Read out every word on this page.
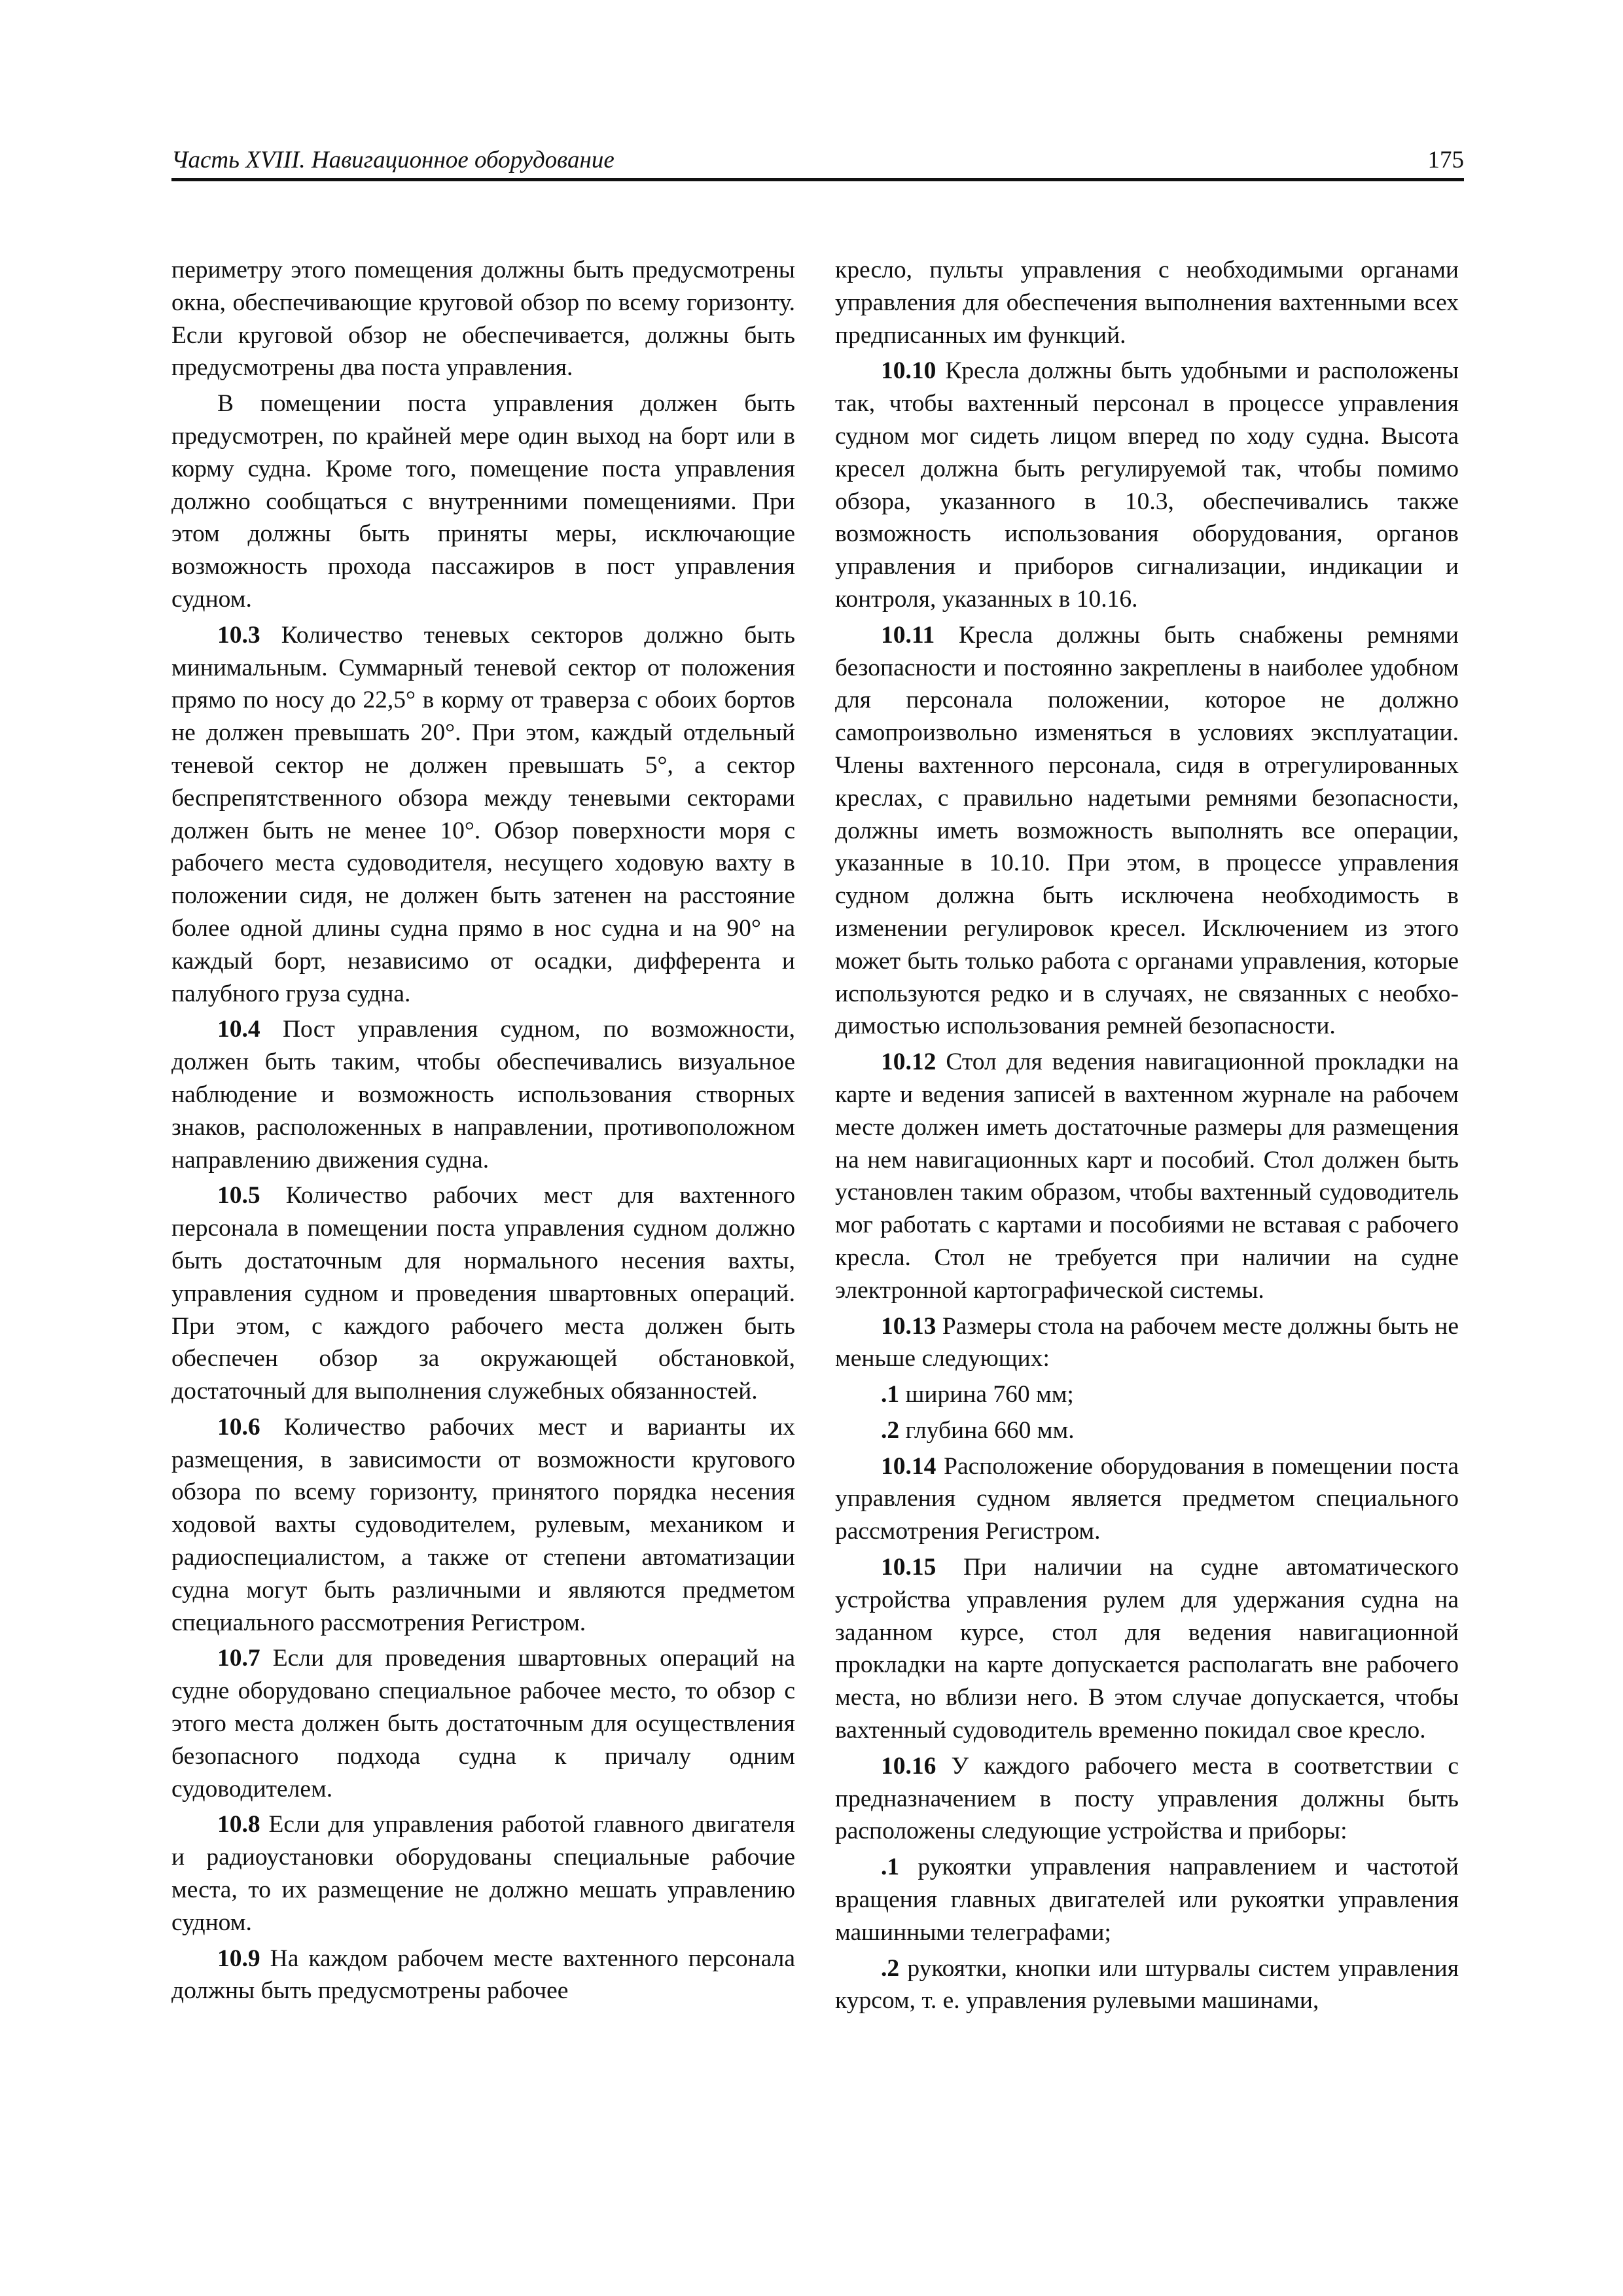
Часть XVIII. Навигационное оборудование	175

периметру этого помещения должны быть предусмотрены окна, обеспечивающие круговой обзор по всему горизонту. Если круговой обзор не обеспечивается, должны быть предусмотрены два поста управления.

В помещении поста управления должен быть предусмотрен, по крайней мере один выход на борт или в корму судна. Кроме того, помещение поста управления должно сообщаться с внутренними помещениями. При этом должны быть приняты меры, исключающие возможность прохода пассажиров в пост управления судном.

10.3 Количество теневых секторов должно быть минимальным. Суммарный теневой сектор от положения прямо по носу до 22,5° в корму от траверза с обоих бортов не должен превышать 20°. При этом, каждый отдельный теневой сектор не должен превышать 5°, а сектор беспрепятственного обзора между теневыми секторами должен быть не менее 10°. Обзор поверхности моря с рабочего места судоводителя, несущего ходовую вахту в положении сидя, не должен быть затенен на расстояние более одной длины судна прямо в нос судна и на 90° на каждый борт, независимо от осадки, дифферента и палубного груза судна.

10.4 Пост управления судном, по возможности, должен быть таким, чтобы обеспечивались визуальное наблюдение и возможность использования створных знаков, расположенных в направлении, противоположном направлению движения судна.

10.5 Количество рабочих мест для вахтенного персонала в помещении поста управления судном должно быть достаточным для нормального несения вахты, управления судном и проведения швартовных операций. При этом, с каждого рабочего места должен быть обеспечен обзор за окружающей обстановкой, достаточный для выполнения служебных обязанностей.

10.6 Количество рабочих мест и варианты их размещения, в зависимости от возможности кругового обзора по всему горизонту, принятого порядка несения ходовой вахты судоводителем, рулевым, механиком и радиоспециалистом, а также от степени автоматизации судна могут быть различными и являются предметом специального рассмотрения Регистром.

10.7 Если для проведения швартовных операций на судне оборудовано специальное рабочее место, то обзор с этого места должен быть достаточным для осуществления безопасного подхода судна к причалу одним судоводителем.

10.8 Если для управления работой главного двигателя и радиоустановки оборудованы специальные рабочие места, то их размещение не должно мешать управлению судном.

10.9 На каждом рабочем месте вахтенного персонала должны быть предусмотрены рабочее

кресло, пульты управления с необходимыми органами управления для обеспечения выполнения вахтенными всех предписанных им функций.

10.10 Кресла должны быть удобными и расположены так, чтобы вахтенный персонал в процессе управления судном мог сидеть лицом вперед по ходу судна. Высота кресел должна быть регулируемой так, чтобы помимо обзора, указанного в 10.3, обеспечивались также возможность использования оборудования, органов управления и приборов сигнализации, индикации и контроля, указанных в 10.16.

10.11 Кресла должны быть снабжены ремнями безопасности и постоянно закреплены в наиболее удобном для персонала положении, которое не должно самопроизвольно изменяться в условиях эксплуатации. Члены вахтенного персонала, сидя в отрегулированных креслах, с правильно надетыми ремнями безопасности, должны иметь возможность выполнять все операции, указанные в 10.10. При этом, в процессе управления судном должна быть исключена необходимость в изменении регулировок кресел. Исключением из этого может быть только работа с органами управления, которые используются редко и в случаях, не связанных с необходимостью использования ремней безопасности.

10.12 Стол для ведения навигационной прокладки на карте и ведения записей в вахтенном журнале на рабочем месте должен иметь достаточные размеры для размещения на нем навигационных карт и пособий. Стол должен быть установлен таким образом, чтобы вахтенный судоводитель мог работать с картами и пособиями не вставая с рабочего кресла. Стол не требуется при наличии на судне электронной картографической системы.

10.13 Размеры стола на рабочем месте должны быть не меньше следующих:

.1 ширина 760 мм;

.2 глубина 660 мм.

10.14 Расположение оборудования в помещении поста управления судном является предметом специального рассмотрения Регистром.

10.15 При наличии на судне автоматического устройства управления рулем для удержания судна на заданном курсе, стол для ведения навигационной прокладки на карте допускается располагать вне рабочего места, но вблизи него. В этом случае допускается, чтобы вахтенный судоводитель временно покидал свое кресло.

10.16 У каждого рабочего места в соответствии с предназначением в посту управления должны быть расположены следующие устройства и приборы:

.1 рукоятки управления направлением и частотой вращения главных двигателей или рукоятки управления машинными телеграфами;

.2 рукоятки, кнопки или штурвалы систем управления курсом, т. е. управления рулевыми машинами,
